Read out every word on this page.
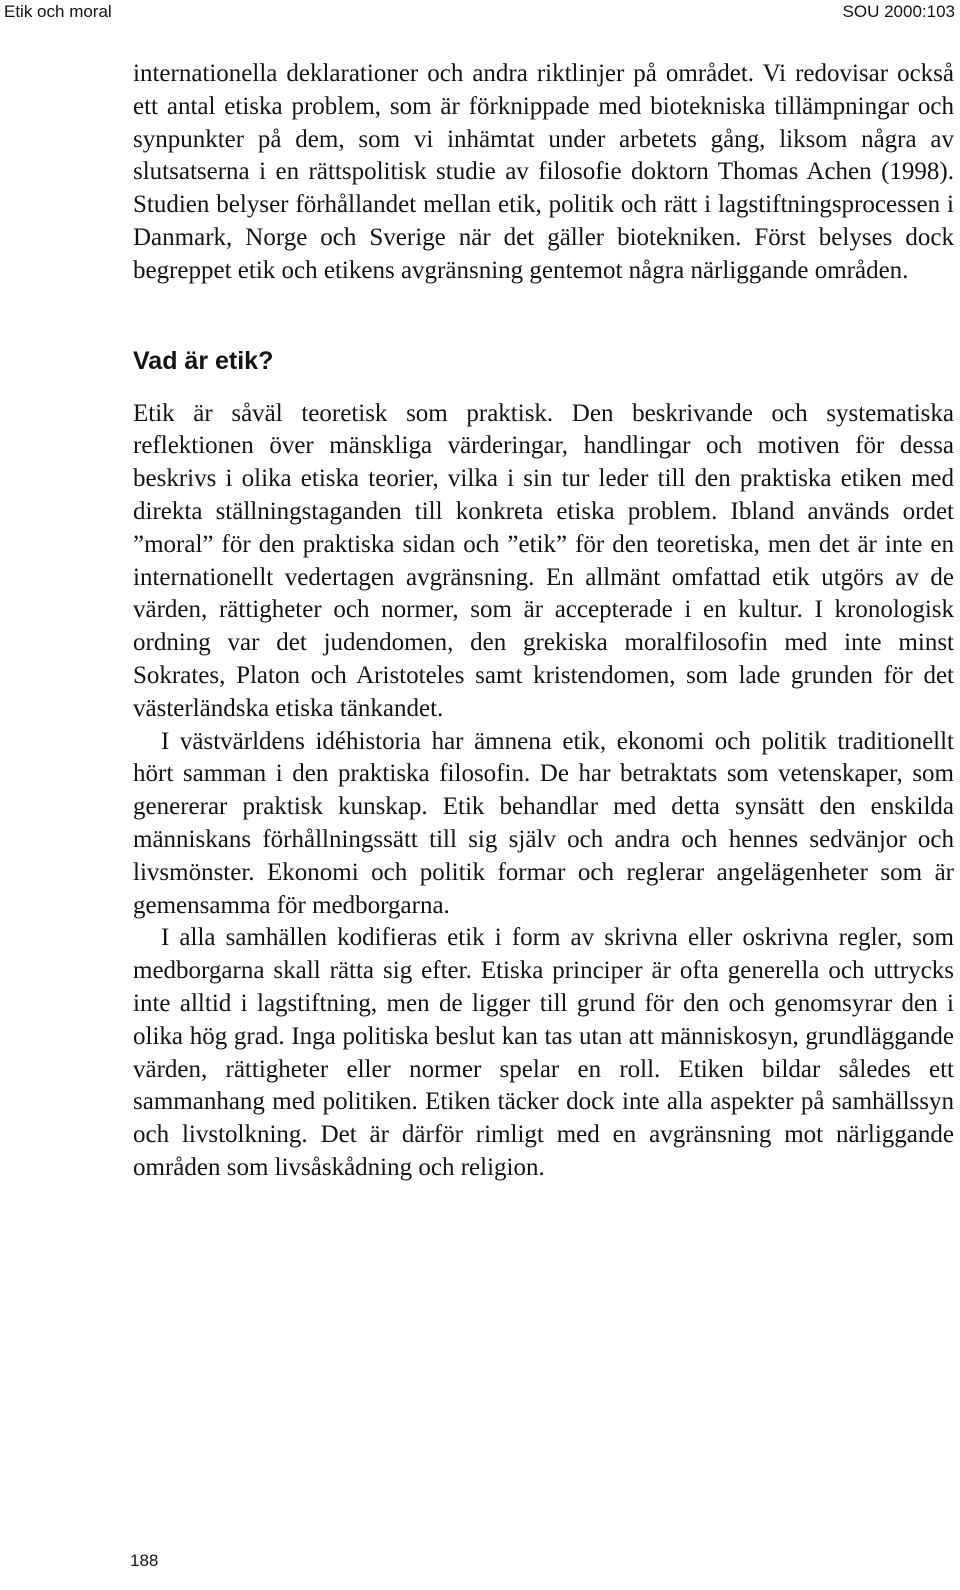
Etik och moral	SOU 2000:103

internationella deklarationer och andra riktlinjer på området. Vi redovisar också ett antal etiska problem, som är förknippade med biotekniska tillämpningar och synpunkter på dem, som vi inhämtat under arbetets gång, liksom några av slutsatserna i en rättspolitisk studie av filosofie doktorn Thomas Achen (1998). Studien belyser förhållandet mellan etik, politik och rätt i lagstiftningsprocessen i Danmark, Norge och Sverige när det gäller biotekniken. Först belyses dock begreppet etik och etikens avgränsning gentemot några närliggande områden.

Vad är etik?

Etik är såväl teoretisk som praktisk. Den beskrivande och systematiska reflektionen över mänskliga värderingar, handlingar och motiven för dessa beskrivs i olika etiska teorier, vilka i sin tur leder till den praktiska etiken med direkta ställningstaganden till konkreta etiska problem. Ibland används ordet ”moral” för den praktiska sidan och ”etik” för den teoretiska, men det är inte en internationellt vedertagen avgränsning. En allmänt omfattad etik utgörs av de värden, rättigheter och normer, som är accepterade i en kultur. I kronologisk ordning var det judendomen, den grekiska moralfilosofin med inte minst Sokrates, Platon och Aristoteles samt kristendomen, som lade grunden för det västerländska etiska tänkandet.

I västvärldens idéhistoria har ämnena etik, ekonomi och politik traditionellt hört samman i den praktiska filosofin. De har betraktats som vetenskaper, som genererar praktisk kunskap. Etik behandlar med detta synsätt den enskilda människans förhållningssätt till sig själv och andra och hennes sedvänjor och livsmönster. Ekonomi och politik formar och reglerar angelägenheter som är gemensamma för medborgarna.

I alla samhällen kodifieras etik i form av skrivna eller oskrivna regler, som medborgarna skall rätta sig efter. Etiska principer är ofta generella och uttrycks inte alltid i lagstiftning, men de ligger till grund för den och genomsyrar den i olika hög grad. Inga politiska beslut kan tas utan att människosyn, grundläggande värden, rättigheter eller normer spelar en roll. Etiken bildar således ett sammanhang med politiken. Etiken täcker dock inte alla aspekter på samhällssyn och livstolkning. Det är därför rimligt med en avgränsning mot närliggande områden som livsåskådning och religion.

188
